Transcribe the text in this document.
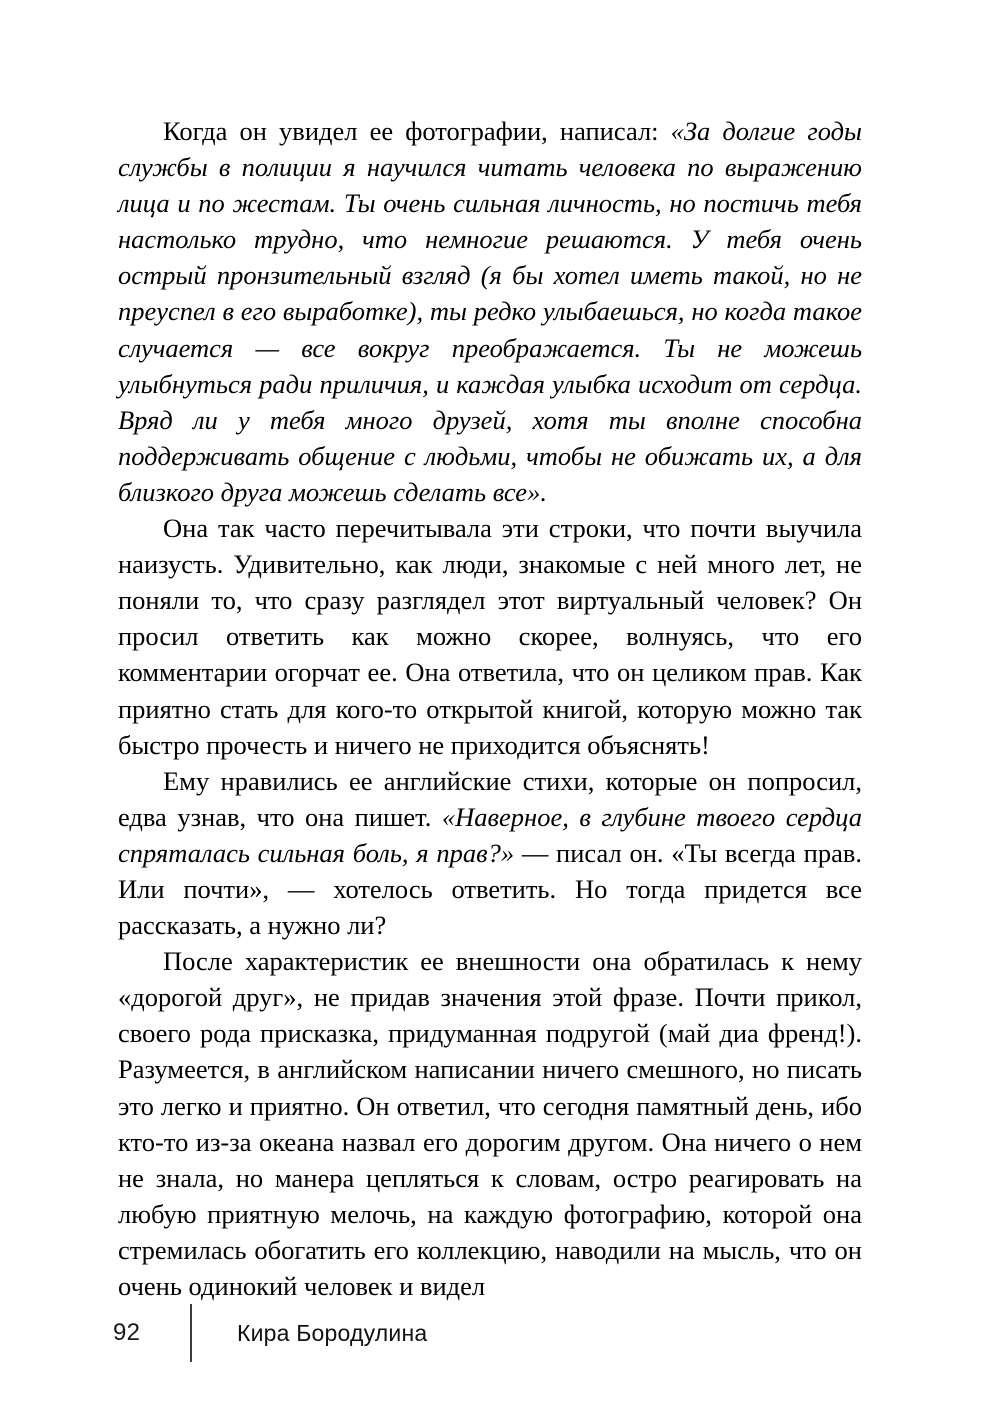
Когда он увидел ее фотографии, написал: «За долгие годы службы в полиции я научился читать человека по выражению лица и по жестам. Ты очень сильная личность, но постичь тебя настолько трудно, что немногие решаются. У тебя очень острый пронзительный взгляд (я бы хотел иметь такой, но не преуспел в его выработке), ты редко улыбаешься, но когда такое случается — все вокруг преображается. Ты не можешь улыбнуться ради приличия, и каждая улыбка исходит от сердца. Вряд ли у тебя много друзей, хотя ты вполне способна поддерживать общение с людьми, чтобы не обижать их, а для близкого друга можешь сделать все».

Она так часто перечитывала эти строки, что почти выучила наизусть. Удивительно, как люди, знакомые с ней много лет, не поняли то, что сразу разглядел этот виртуальный человек? Он просил ответить как можно скорее, волнуясь, что его комментарии огорчат ее. Она ответила, что он целиком прав. Как приятно стать для кого-то открытой книгой, которую можно так быстро прочесть и ничего не приходится объяснять!

Ему нравились ее английские стихи, которые он попросил, едва узнав, что она пишет. «Наверное, в глубине твоего сердца спряталась сильная боль, я прав?» — писал он. «Ты всегда прав. Или почти», — хотелось ответить. Но тогда придется все рассказать, а нужно ли?

После характеристик ее внешности она обратилась к нему «дорогой друг», не придав значения этой фразе. Почти прикол, своего рода присказка, придуманная подругой (май диа френд!). Разумеется, в английском написании ничего смешного, но писать это легко и приятно. Он ответил, что сегодня памятный день, ибо кто-то из-за океана назвал его дорогим другом. Она ничего о нем не знала, но манера цепляться к словам, остро реагировать на любую приятную мелочь, на каждую фотографию, которой она стремилась обогатить его коллекцию, наводили на мысль, что он очень одинокий человек и видел

92	Кира Бородулина
